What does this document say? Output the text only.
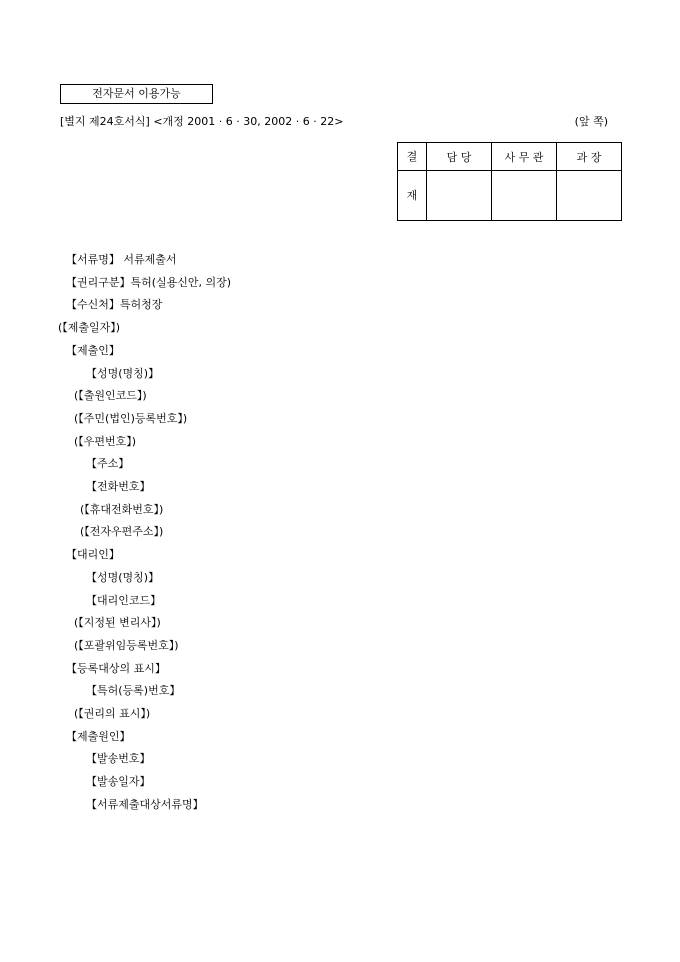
전자문서 이용가능
[별지 제24호서식] <개정 2001 · 6 · 30, 2002 · 6 · 22>	(앞 쪽)
결	담 당	사 무 관	과 장
재			
【서류명】 서류제출서
【권리구분】특허(실용신안, 의장)
【수신처】특허청장
(【제출일자】)
【제출인】
【성명(명칭)】
(【출원인코드】)
(【주민(법인)등록번호】)
(【우편번호】)
【주소】
【전화번호】
(【휴대전화번호】)
(【전자우편주소】)
【대리인】
【성명(명칭)】
【대리인코드】
(【지정된 변리사】)
(【포괄위임등록번호】)
【등록대상의 표시】
【특허(등록)번호】
(【권리의 표시】)
【제출원인】
【발송번호】
【발송일자】
【서류제출대상서류명】
